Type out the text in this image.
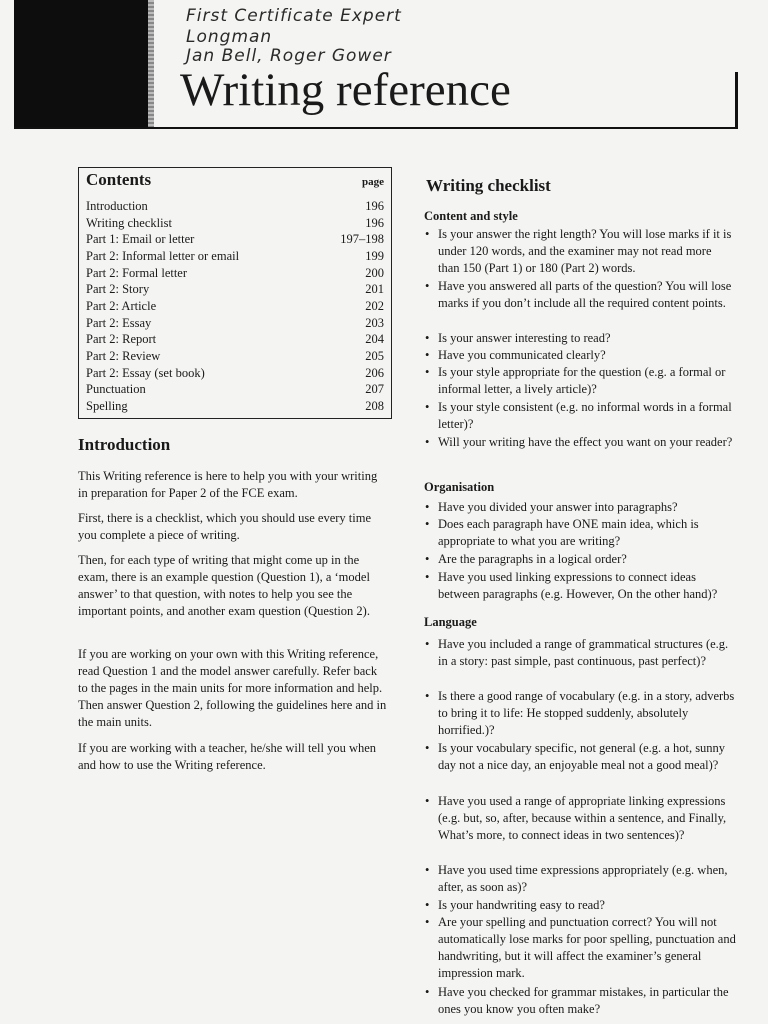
First Certificate Expert
Longman
Jan Bell, Roger Gower
Writing reference
Contents	page
Introduction	196
Writing checklist	196
Part 1: Email or letter	197–198
Part 2: Informal letter or email	199
Part 2: Formal letter	200
Part 2: Story	201
Part 2: Article	202
Part 2: Essay	203
Part 2: Report	204
Part 2: Review	205
Part 2: Essay (set book)	206
Punctuation	207
Spelling	208
Introduction

This Writing reference is here to help you with your writing in preparation for Paper 2 of the FCE exam.

First, there is a checklist, which you should use every time you complete a piece of writing.

Then, for each type of writing that might come up in the exam, there is an example question (Question 1), a ‘model answer’ to that question, with notes to help you see the important points, and another exam question (Question 2).

If you are working on your own with this Writing reference, read Question 1 and the model answer carefully. Refer back to the pages in the main units for more information and help. Then answer Question 2, following the guidelines here and in the main units.

If you are working with a teacher, he/she will tell you when and how to use the Writing reference.

Writing checklist
Content and style
• Is your answer the right length? You will lose marks if it is under 120 words, and the examiner may not read more than 150 (Part 1) or 180 (Part 2) words.
• Have you answered all parts of the question? You will lose marks if you don’t include all the required content points.
• Is your answer interesting to read?
• Have you communicated clearly?
• Is your style appropriate for the question (e.g. a formal or informal letter, a lively article)?
• Is your style consistent (e.g. no informal words in a formal letter)?
• Will your writing have the effect you want on your reader?
Organisation
• Have you divided your answer into paragraphs?
• Does each paragraph have ONE main idea, which is appropriate to what you are writing?
• Are the paragraphs in a logical order?
• Have you used linking expressions to connect ideas between paragraphs (e.g. However, On the other hand)?
Language
• Have you included a range of grammatical structures (e.g. in a story: past simple, past continuous, past perfect)?
• Is there a good range of vocabulary (e.g. in a story, adverbs to bring it to life: He stopped suddenly, absolutely horrified.)?
• Is your vocabulary specific, not general (e.g. a hot, sunny day not a nice day, an enjoyable meal not a good meal)?
• Have you used a range of appropriate linking expressions (e.g. but, so, after, because within a sentence, and Finally, What’s more, to connect ideas in two sentences)?
• Have you used time expressions appropriately (e.g. when, after, as soon as)?
• Is your handwriting easy to read?
• Are your spelling and punctuation correct? You will not automatically lose marks for poor spelling, punctuation and handwriting, but it will affect the examiner’s general impression mark.
• Have you checked for grammar mistakes, in particular the ones you know you often make?
